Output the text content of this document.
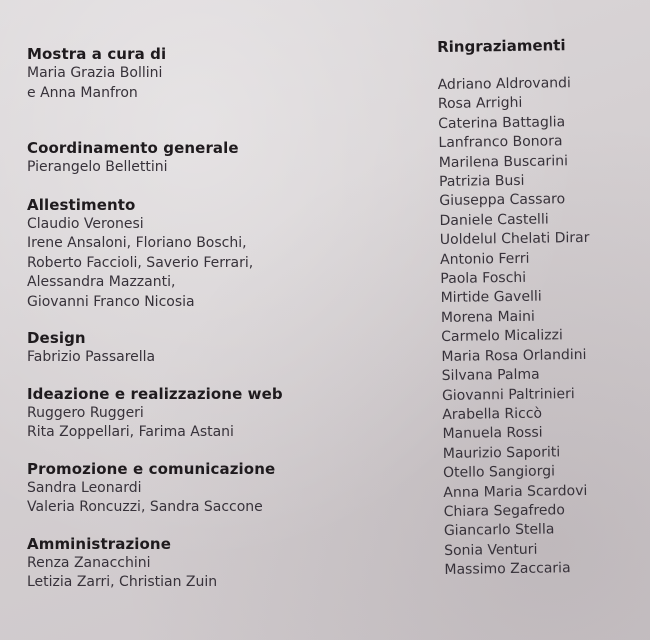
Mostra a cura di
Maria Grazia Bollini
e Anna Manfron
Coordinamento generale
Pierangelo Bellettini
Allestimento
Claudio Veronesi
Irene Ansaloni, Floriano Boschi,
Roberto Faccioli, Saverio Ferrari,
Alessandra Mazzanti,
Giovanni Franco Nicosia
Design
Fabrizio Passarella
Ideazione e realizzazione web
Ruggero Ruggeri
Rita Zoppellari, Farima Astani
Promozione e comunicazione
Sandra Leonardi
Valeria Roncuzzi, Sandra Saccone
Amministrazione
Renza Zanacchini
Letizia Zarri, Christian Zuin
Ringraziamenti
Adriano Aldrovandi
Rosa Arrighi
Caterina Battaglia
Lanfranco Bonora
Marilena Buscarini
Patrizia Busi
Giuseppa Cassaro
Daniele Castelli
Uoldelul Chelati Dirar
Antonio Ferri
Paola Foschi
Mirtide Gavelli
Morena Maini
Carmelo Micalizzi
Maria Rosa Orlandini
Silvana Palma
Giovanni Paltrinieri
Arabella Riccò
Manuela Rossi
Maurizio Saporiti
Otello Sangiorgi
Anna Maria Scardovi
Chiara Segafredo
Giancarlo Stella
Sonia Venturi
Massimo Zaccaria
